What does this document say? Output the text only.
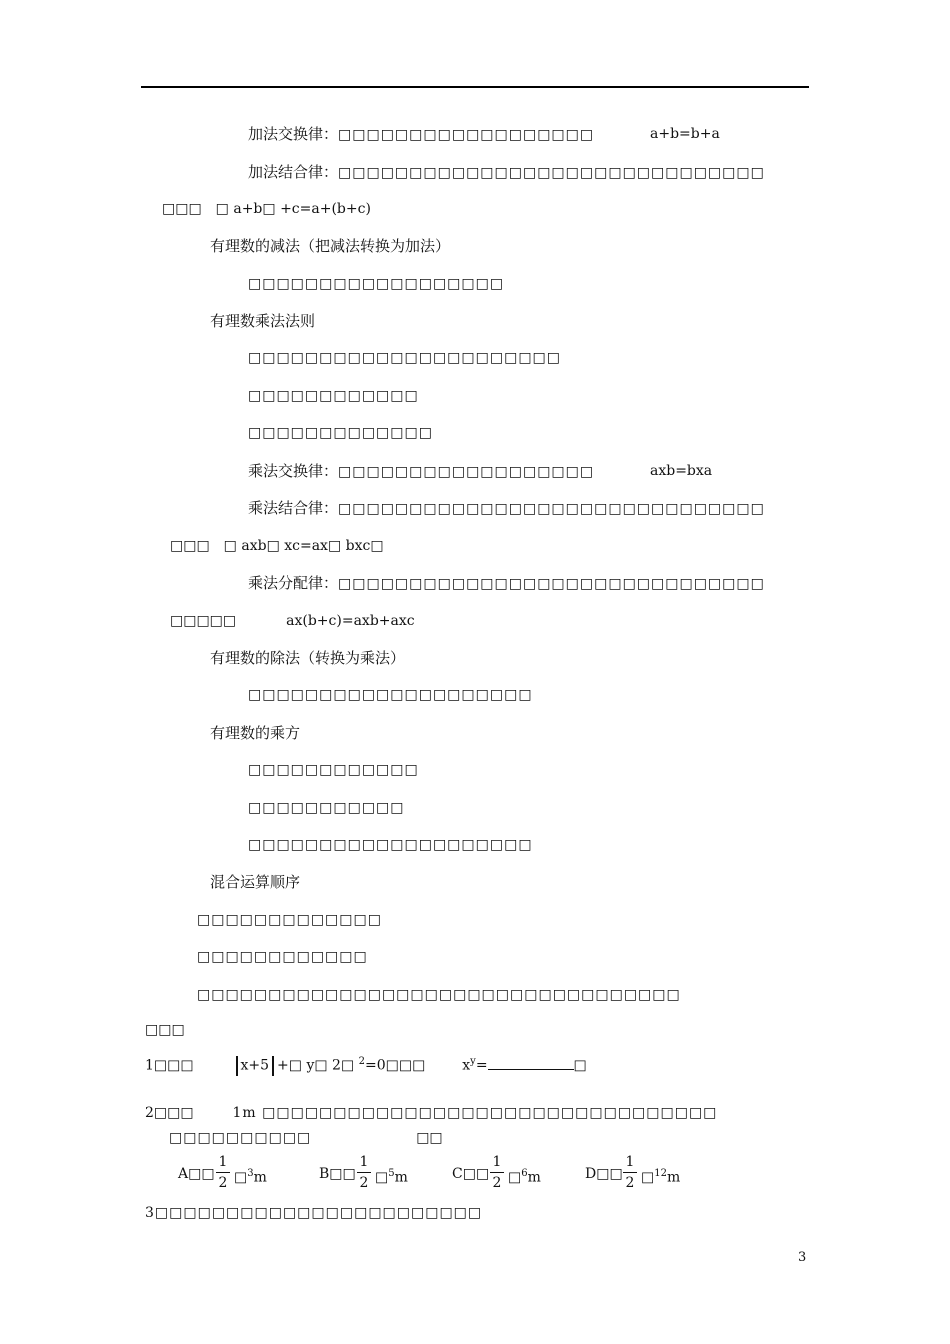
加法交换律：□□□□□□□□□□□□□□□□□□	a+b=b+a
加法结合律：□□□□□□□□□□□□□□□□□□□□□□□□□□□□□□
□□□　□ a+b□ +c=a+(b+c)
有理数的减法（把减法转换为加法）
□□□□□□□□□□□□□□□□□□
有理数乘法法则
□□□□□□□□□□□□□□□□□□□□□□
□□□□□□□□□□□□
□□□□□□□□□□□□□
乘法交换律：□□□□□□□□□□□□□□□□□□	axb=bxa
乘法结合律：□□□□□□□□□□□□□□□□□□□□□□□□□□□□□□
□□□　□ axb□ xc=ax□ bxc□
乘法分配律：□□□□□□□□□□□□□□□□□□□□□□□□□□□□□□
□□□□□	ax(b+c)=axb+axc
有理数的除法（转换为乘法）
□□□□□□□□□□□□□□□□□□□□
有理数的乘方
□□□□□□□□□□□□
□□□□□□□□□□□
□□□□□□□□□□□□□□□□□□□□
混合运算顺序
□□□□□□□□□□□□□
□□□□□□□□□□□□
□□□□□□□□□□□□□□□□□□□□□□□□□□□□□□□□□□
□□□
1□□□	x+5 +□ y□ 2□ $^2$=0□□□	$x^y=$	□
2□□□	1m □□□□□□□□□□□□□□□□□□□□□□□□□□□□□□□□
□□□□□□□□□□	□□
A□□
1
2 □$^3$m	B□□
1
2 □$^5$m	C□□
1
2 □$^6$m	D□□
1
2 □$^{12}$m
3□□□□□□□□□□□□□□□□□□□□□□□
3
